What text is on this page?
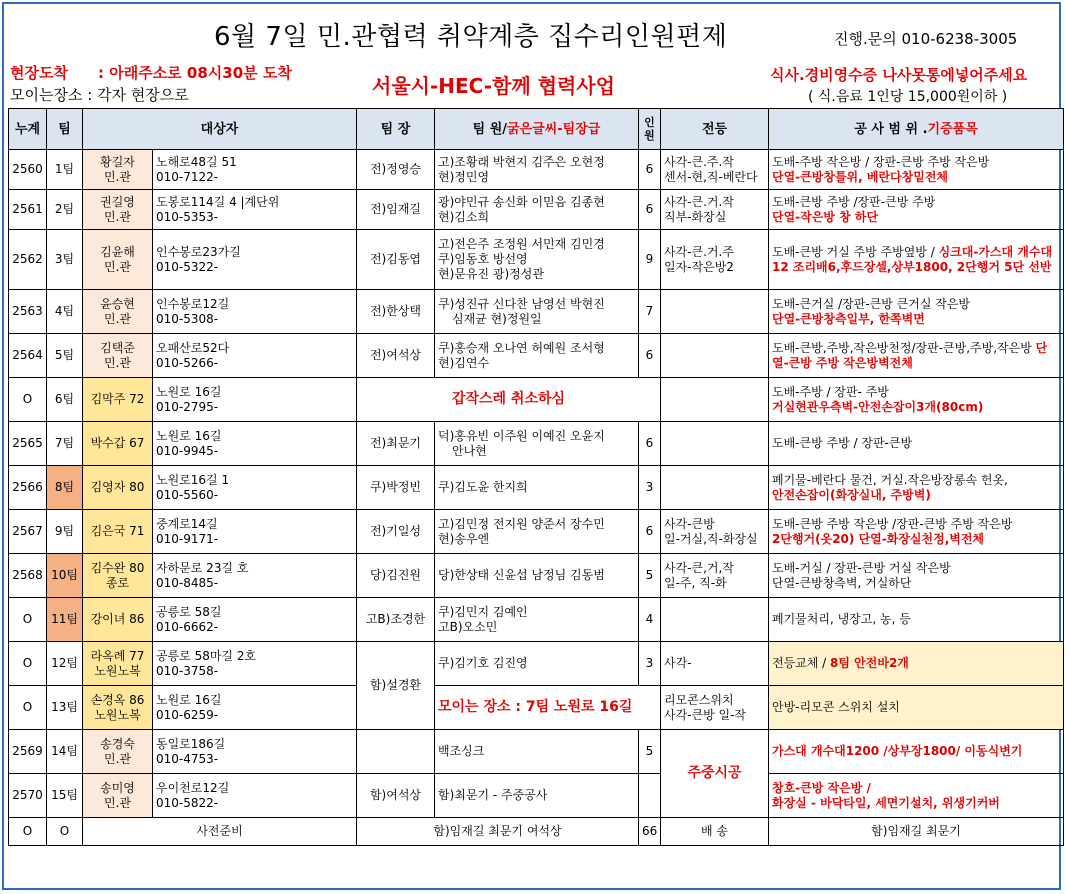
6월 7일 민.관협력 취약계층 집수리인원편제	진행.문의 010-6238-3005
현장도착 : 아래주소로 08시30분 도착
모이는장소 : 각자 현장으로	서울시-HEC-함께 협력사업	식사.경비영수증 나사못통에넣어주세요
( 식.음료 1인당 15,000원이하 )
누계	팀	대상자		팀 장	팀 원/굵은글씨-팀장급	인원	전등	공 사 범 위 .기증품목
2560	1팀	황길자
민.관	노해로48길 51
010-7122-	전)정영승	고)조황래 박현지 김주은 오현정
현)정민영	6	사각-큰.주.작
센서-현,직-베란다	도배-주방 작은방 / 장판-큰방 주방 작은방
단열-큰방창틀위, 베란다창밑전체

2561	2팀	권길영
민.관	도봉로114길 4 |계단위
010-5353-	전)임재길	광)야민규 송신화 이믿음 김종현
현)김소희	6	사각-큰.거.작
직부-화장실	도배-큰방 주방 /장판-큰방 주방
단열-작은방 창 하단

2562	3팀	김윤해
민.관	인수봉로23가길
010-5322-	전)김동엽	고)전은주 조정원 서민재 김민경
쿠)임동호 방선영
현)문유진 광)정성관	9	사각-큰.거.주
일자-작은방2	도배-큰방 거실 주방 주방옆방 / 싱크대-가스대 개수대12 조리배6,후드장셀,상부1800, 2단행거 5단 선반
2563	4팀	윤승현
민.관	인수봉로12길
010-5308-	전)한상택	쿠)성진규 신다찬 남영선 박현진
심재균 현)정원일	7		도배-큰거실 /장판-큰방 큰거실 작은방
단열-큰방창측일부, 한쪽벽면

2564	5팀	김택준
민.관	오패산로52다
010-5266-	전)여석상	쿠)홍승재 오나연 허예원 조서형
현)김연수	6		도배-큰방,주방,작은방천정/장판-큰방,주방,작은방 단열-큰방 주방 작은방벽전체
O	6팀	김막주 72	노원로 16길
010-2795-	갑작스레 취소하심				도배-주방 / 장판- 주방
거실현관우측벽-안전손잡이3개(80cm)

2565	7팀	박수갑 67	노원로 16길
010-9945-	전)최문기	덕)홍유빈 이주원 이예진 오윤지
안나현	6		도배-큰방 주방 / 장판-큰방

2566	8팀	김영자 80	노원로16길 1
010-5560-	쿠)박정빈	쿠)김도윤 한지희	3		폐기물-베란다 물건, 거실.작은방장롱속 헌옷,
안전손잡이(화장실내, 주방벽)

2567	9팀	김은국 71	중계로14길
010-9171-	전)기일성	고)김민정 전지원 양준서 장수민
현)송우엔	6	사각-큰방
일-거실,직-화장실	도배-큰방 주방 작은방 /장판-큰방 주방 작은방
2단행거(옷20) 단열-화장실천정,벽전체

2568	10팀	김수완 80
종로	자하문로 23길 호
010-8485-	당)김진원	당)한상태 신윤섭 남정님 김동범	5	사각-큰,거,작
일-주, 직-화	도배-거실 / 장판-큰방 거실 작은방
단열-큰방창측벽, 거실하단
O	11팀	강이녀 86	공릉로 58길
010-6662-	고B)조경한	쿠)김민지 김예인
고B)오소민	4		폐기물처리, 냉장고, 농, 등
O	12팀	라옥례 77
노원노복	공릉로 58마길 2호
010-3758-	함)설경환	쿠)김기호 김진영	3	사각-	전등교체 / 8팀 안전바2개
O	13팀	손경옥 86
노원노복	노원로 16길
010-6259-		모이는 장소 : 7팀 노원로 16길		리모콘스위치
사각-큰방 일-작	안방-리모콘 스위치 설치
2569	14팀	송경숙
민.관	동일로186길
010-4753-		백조싱크	5	주중시공	가스대 개수대1200 /상부장1800/ 이동식변기
2570	15팀	송미영
민.관	우이천로12길
010-5822-	함)여석상	함)최문기 - 주중공사			창호-큰방 작은방 /
화장실 - 바닥타일, 세면기설치, 위생기커버
O	O	사전준비		함)임재길 최문기 여석상		66	배 송	함)임재길 최문기
